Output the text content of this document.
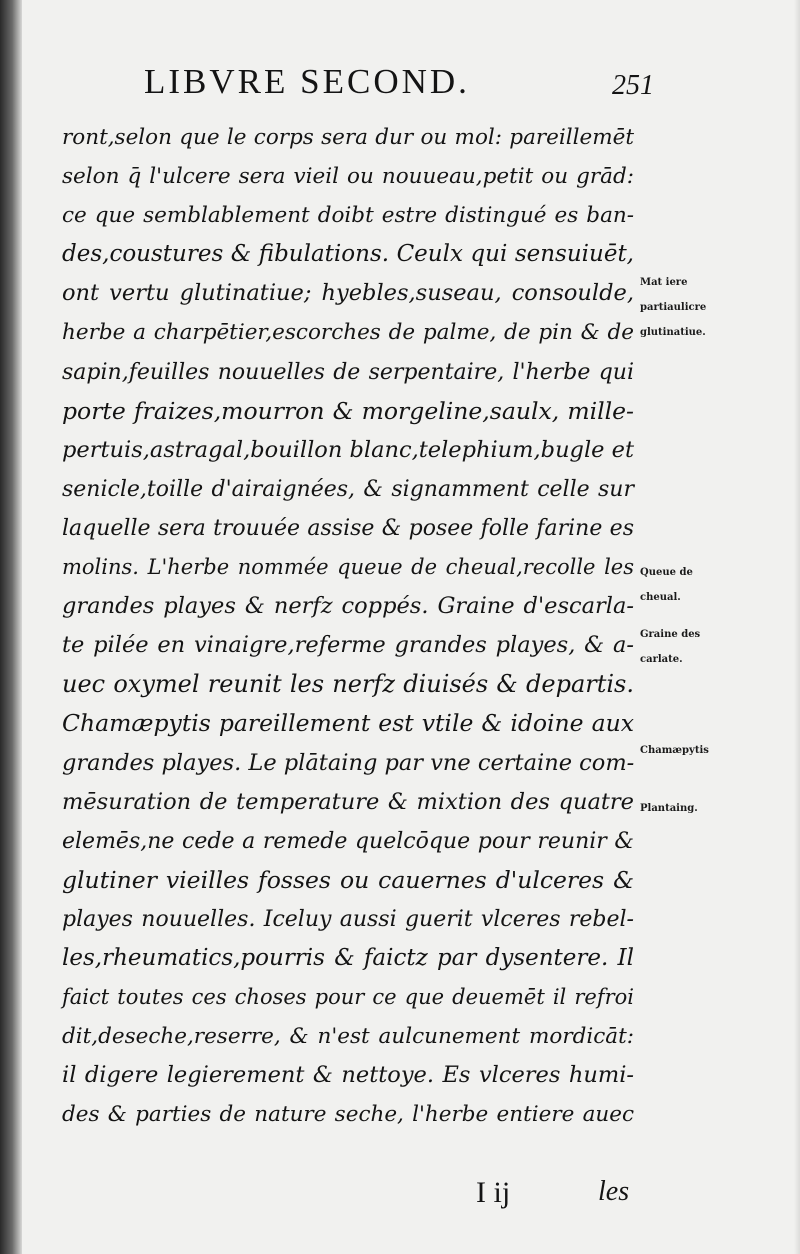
LIBVRE SECOND.	251
ront,selon que le corps sera dur ou mol: pareillemēt
selon q̄ l'ulcere sera vieil ou nouueau,petit ou grād:
ce que semblablement doibt estre distingué es ban-
des,coustures & fibulations. Ceulx qui sensuiuēt,
ont vertu glutinatiue; hyebles,suseau, consoulde,
herbe a charpētier,escorches de palme, de pin & de
sapin,feuilles nouuelles de serpentaire, l'herbe qui
porte fraizes,mourron & morgeline,saulx, mille-
pertuis,astragal,bouillon blanc,telephium,bugle et
senicle,toille d'airaignées, & signamment celle sur
laquelle sera trouuée assise & posee folle farine es
molins. L'herbe nommée queue de cheual,recolle les
grandes playes & nerfz coppés. Graine d'escarla-
te pilée en vinaigre,referme grandes playes, & a-
uec oxymel reunit les nerfz diuisés & departis.
Chamæpytis pareillement est vtile & idoine aux
grandes playes. Le plātaing par vne certaine com-
mēsuration de temperature & mixtion des quatre
elemēs,ne cede a remede quelcōque pour reunir &
glutiner vieilles fosses ou cauernes d'ulceres &
playes nouuelles. Iceluy aussi guerit vlceres rebel-
les,rheumatics,pourris & faictz par dysentere. Il
faict toutes ces choses pour ce que deuemēt il refroi
dit,deseche,reserre, & n'est aulcunement mordicāt:
il digere legierement & nettoye. Es vlceres humi-
des & parties de nature seche, l'herbe entiere auec
Mat iere
partiaulicre
glutinatiue.
Queue de
cheual.
Graine des
carlate.
Chamæpytis
Plantaing.
I ij	les
